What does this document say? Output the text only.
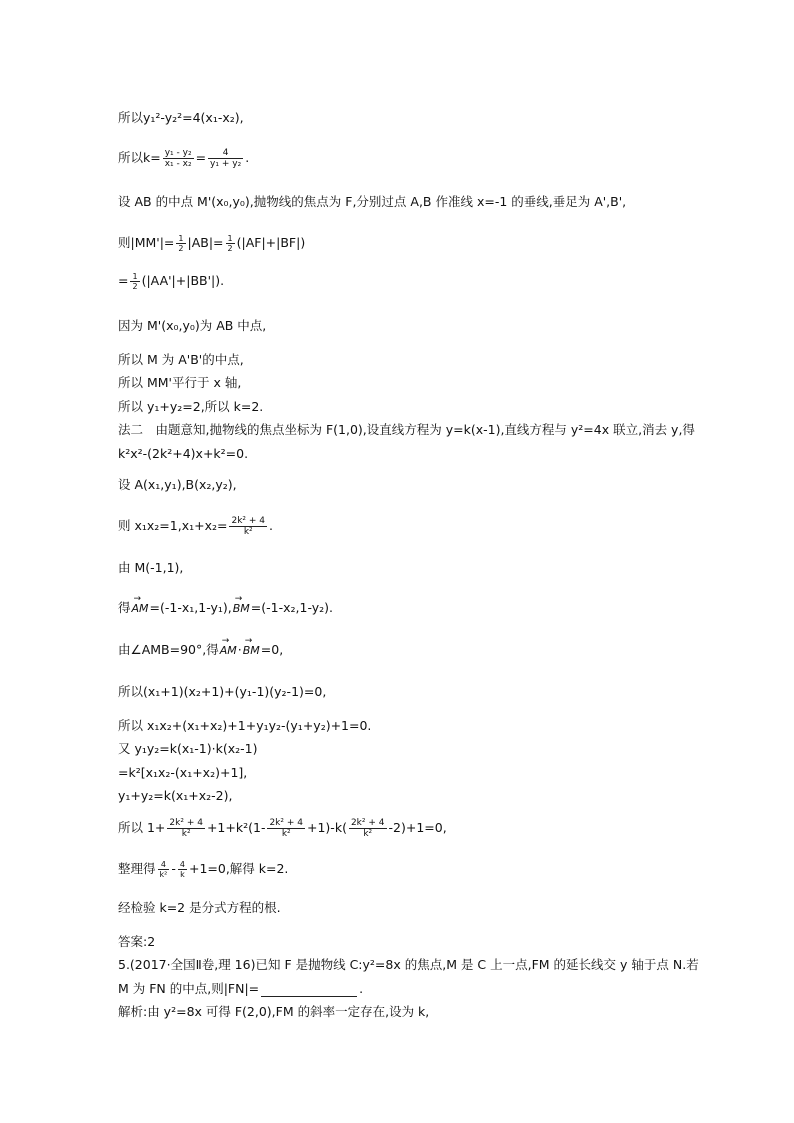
所以y₁²-y₂²=4(x₁-x₂),
所以$k= \frac{\text{y₁ - y₂}}{\text{x₁ - x₂}} = \frac{4}{\text{y₁ + y₂}}$ .
设 AB 的中点 M'(x₀,y₀),抛物线的焦点为 F,分别过点 A,B 作准线 x=-1 的垂线,垂足为 A',B',
则$|MM'|= \frac{1}{2} |AB|= \frac{1}{2} (|AF|+|BF|)$
= $\frac{1}{2} (|AA'|+|BB'|)$.
因为 M'(x₀,y₀)为 AB 中点,
所以 M 为 A'B'的中点,
所以 MM'平行于 x 轴,
所以 y₁+y₂=2,所以 k=2.
法二　由题意知,抛物线的焦点坐标为 F(1,0),设直线方程为 y=k(x-1),直线方程与 y²=4x 联立,消去 y,得
k²x²-(2k²+4)x+k²=0.
设 A(x₁,y₁),B(x₂,y₂),
则 $x_1x_2=1,x_1+x_2= \frac{\text{2k² + 4}}{\text{k²}}$ .
由 M(-1,1),
得→ AM=(-1-x₁,1-y₁),→ BM=(-1-x₂,1-y₂).
由∠AMB=90°,得→ AM·→ BM=0,
所以(x₁+1)(x₂+1)+(y₁-1)(y₂-1)=0,
所以 x₁x₂+(x₁+x₂)+1+y₁y₂-(y₁+y₂)+1=0.
又 y₁y₂=k(x₁-1)·k(x₂-1)
=k²[x₁x₂-(x₁+x₂)+1],
y₁+y₂=k(x₁+x₂-2),
所以 $1+ \frac{\text{2k² + 4}}{\text{k²}} +1+k^2(1- \frac{\text{2k² + 4}}{\text{k²}} +1)-k( \frac{\text{2k² + 4}}{\text{k²}} -2)+1=0$,
整理得 $\frac{4}{\text{k²}} - \frac{4}{k} +1=0$,解得 k=2.
经检验 k=2 是分式方程的根.
答案:2
5.(2017·全国Ⅱ卷,理 16)已知 F 是抛物线 C:y²=8x 的焦点,M 是 C 上一点,FM 的延长线交 y 轴于点 N.若
M 为 FN 的中点,则|FN|=	.
解析:由 y²=8x 可得 F(2,0),FM 的斜率一定存在,设为 k,
